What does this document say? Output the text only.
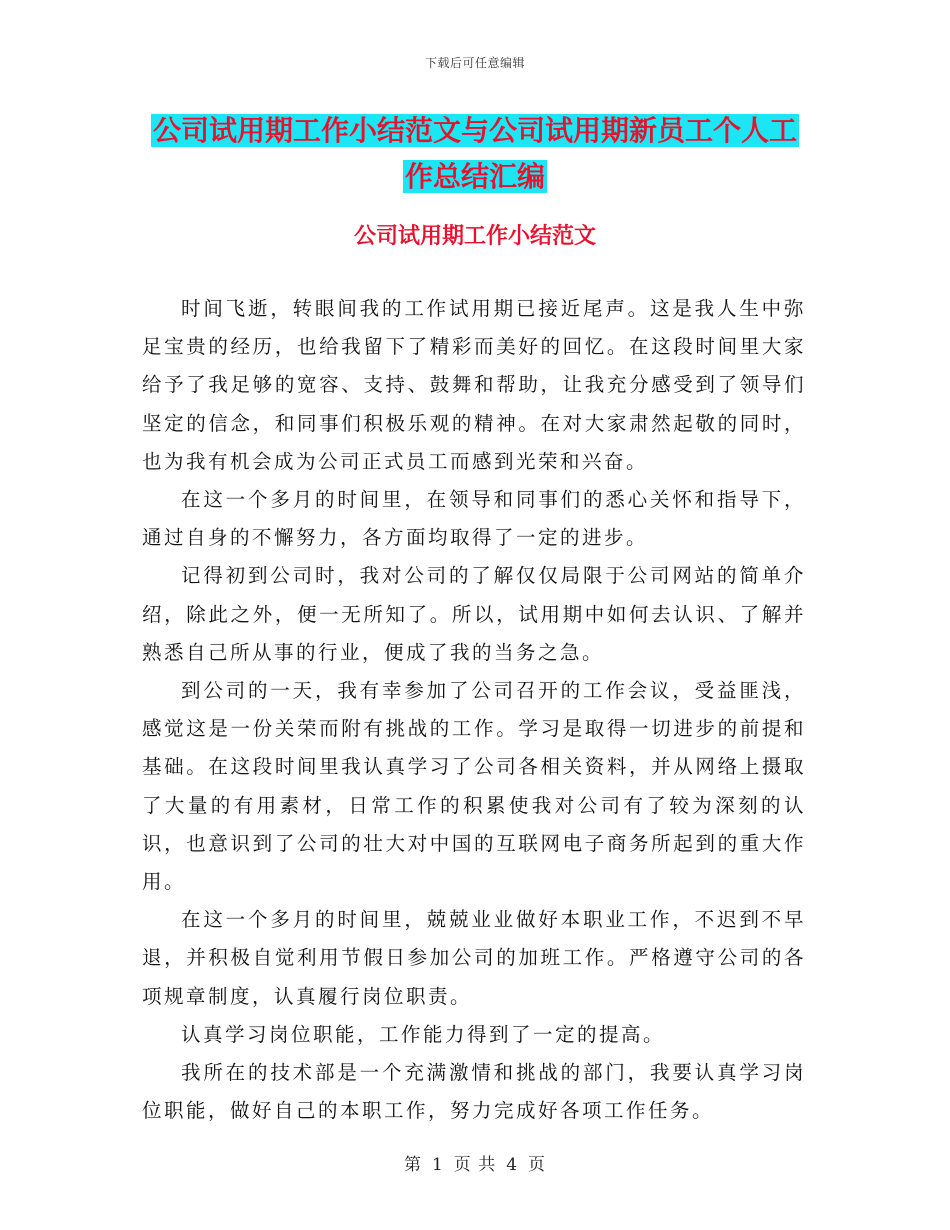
下载后可任意编辑
公司试用期工作小结范文与公司试用期新员工个人工
作总结汇编
公司试用期工作小结范文

时间飞逝，转眼间我的工作试用期已接近尾声。这是我人生中弥足宝贵的经历，也给我留下了精彩而美好的回忆。在这段时间里大家给予了我足够的宽容、支持、鼓舞和帮助，让我充分感受到了领导们坚定的信念，和同事们积极乐观的精神。在对大家肃然起敬的同时，也为我有机会成为公司正式员工而感到光荣和兴奋。

在这一个多月的时间里，在领导和同事们的悉心关怀和指导下，通过自身的不懈努力，各方面均取得了一定的进步。

记得初到公司时，我对公司的了解仅仅局限于公司网站的简单介绍，除此之外，便一无所知了。所以，试用期中如何去认识、了解并熟悉自己所从事的行业，便成了我的当务之急。

到公司的一天，我有幸参加了公司召开的工作会议，受益匪浅，感觉这是一份关荣而附有挑战的工作。学习是取得一切进步的前提和基础。在这段时间里我认真学习了公司各相关资料，并从网络上摄取了大量的有用素材，日常工作的积累使我对公司有了较为深刻的认识，也意识到了公司的壮大对中国的互联网电子商务所起到的重大作用。

在这一个多月的时间里，兢兢业业做好本职业工作，不迟到不早退，并积极自觉利用节假日参加公司的加班工作。严格遵守公司的各项规章制度，认真履行岗位职责。

认真学习岗位职能，工作能力得到了一定的提高。

我所在的技术部是一个充满激情和挑战的部门，我要认真学习岗位职能，做好自己的本职工作，努力完成好各项工作任务。

第 1 页 共 4 页
